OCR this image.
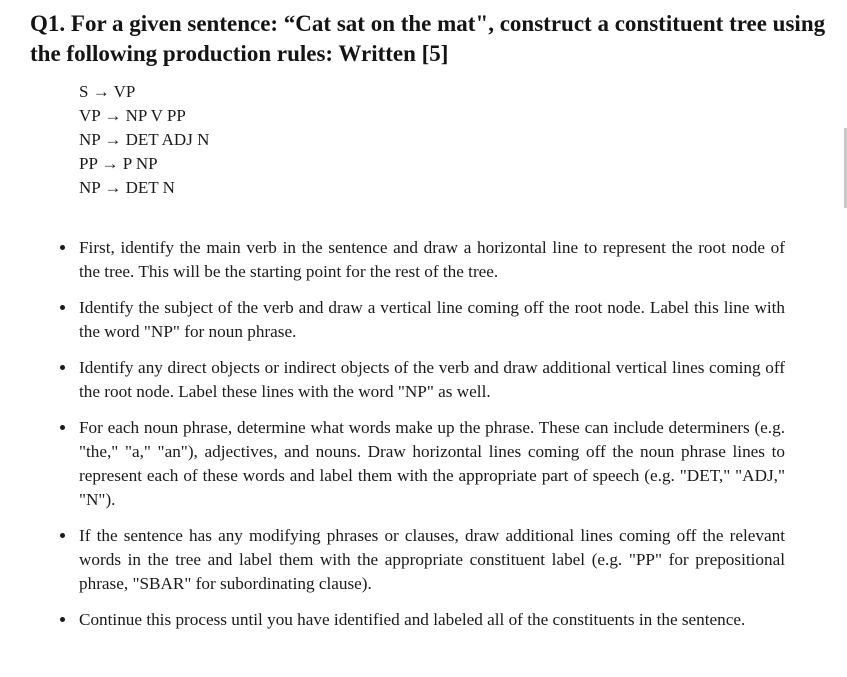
Q1. For a given sentence: “Cat sat on the mat", construct a constituent tree using the following production rules: Written [5]
S → VP
VP → NP V PP
NP → DET ADJ N
PP → P NP
NP → DET N
First, identify the main verb in the sentence and draw a horizontal line to represent the root node of the tree. This will be the starting point for the rest of the tree.
Identify the subject of the verb and draw a vertical line coming off the root node. Label this line with the word "NP" for noun phrase.
Identify any direct objects or indirect objects of the verb and draw additional vertical lines coming off the root node. Label these lines with the word "NP" as well.
For each noun phrase, determine what words make up the phrase. These can include determiners (e.g. "the," "a," "an"), adjectives, and nouns. Draw horizontal lines coming off the noun phrase lines to represent each of these words and label them with the appropriate part of speech (e.g. "DET," "ADJ," "N").
If the sentence has any modifying phrases or clauses, draw additional lines coming off the relevant words in the tree and label them with the appropriate constituent label (e.g. "PP" for prepositional phrase, "SBAR" for subordinating clause).
Continue this process until you have identified and labeled all of the constituents in the sentence.
